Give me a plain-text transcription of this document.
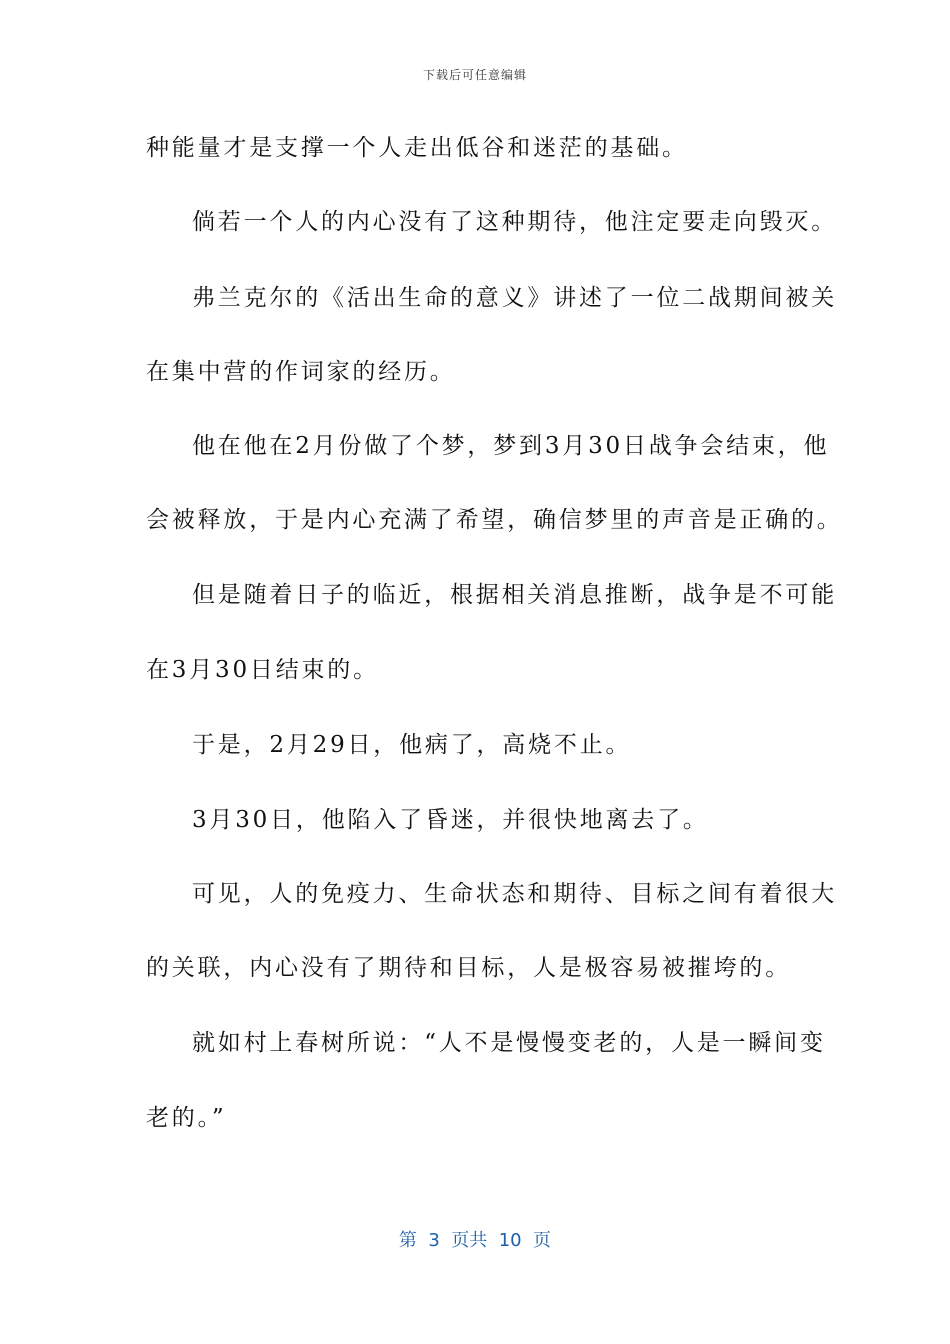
下载后可任意编辑
种能量才是支撑一个人走出低谷和迷茫的基础。
倘若一个人的内心没有了这种期待，他注定要走向毁灭。
弗兰克尔的《活出生命的意义》讲述了一位二战期间被关
在集中营的作词家的经历。
他在他在2月份做了个梦，梦到3月30日战争会结束，他
会被释放，于是内心充满了希望，确信梦里的声音是正确的。
但是随着日子的临近，根据相关消息推断，战争是不可能
在3月30日结束的。
于是，2月29日，他病了，高烧不止。
3月30日，他陷入了昏迷，并很快地离去了。
可见，人的免疫力、生命状态和期待、目标之间有着很大
的关联，内心没有了期待和目标，人是极容易被摧垮的。
就如村上春树所说：“人不是慢慢变老的，人是一瞬间变
老的。”
第  3  页共  10  页
